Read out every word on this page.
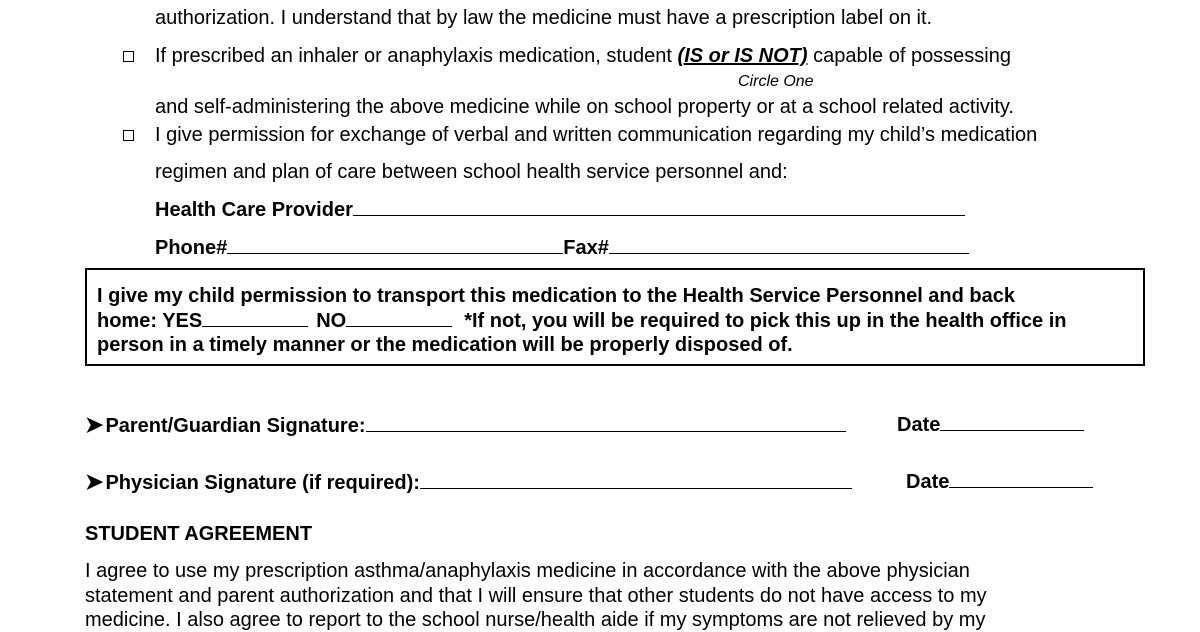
authorization. I understand that by law the medicine must have a prescription label on it.
If prescribed an inhaler or anaphylaxis medication, student (IS or IS NOT) capable of possessing
Circle One
and self-administering the above medicine while on school property or at a school related activity.
I give permission for exchange of verbal and written communication regarding my child’s medication
regimen and plan of care between school health service personnel and:
Health Care Provider
Phone#	Fax#
I give my child permission to transport this medication to the Health Service Personnel and back
home: YES	NO	*If not, you will be required to pick this up in the health office in
person in a timely manner or the medication will be properly disposed of.
➤ Parent/Guardian Signature:	Date
➤ Physician Signature (if required):	Date
STUDENT AGREEMENT
I agree to use my prescription asthma/anaphylaxis medicine in accordance with the above physician
statement and parent authorization and that I will ensure that other students do not have access to my
medicine. I also agree to report to the school nurse/health aide if my symptoms are not relieved by my
